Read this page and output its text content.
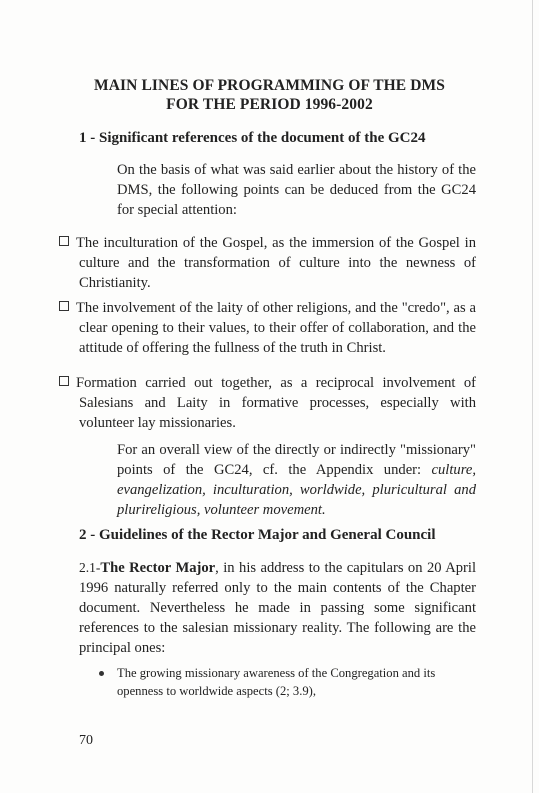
MAIN LINES OF PROGRAMMING OF THE DMS
FOR THE PERIOD 1996-2002
1 - Significant references of the document of the GC24
On the basis of what was said earlier about the history of the DMS, the following points can be deduced from the GC24 for special attention:
The inculturation of the Gospel, as the immersion of the Gospel in culture and the transformation of culture into the newness of Christianity.
The involvement of the laity of other religions, and the "credo", as a clear opening to their values, to their offer of collaboration, and the attitude of offering the fullness of the truth in Christ.
Formation carried out together, as a reciprocal involvement of Salesians and Laity in formative processes, especially with volunteer lay missionaries.
For an overall view of the directly or indirectly "missionary" points of the GC24, cf. the Appendix under: culture, evangelization, inculturation, worldwide, pluricultural and plurireligious, volunteer movement.
2 - Guidelines of the Rector Major and General Council
2.1-The Rector Major, in his address to the capitulars on 20 April 1996 naturally referred only to the main contents of the Chapter document. Nevertheless he made in passing some significant references to the salesian missionary reality. The following are the principal ones:
The growing missionary awareness of the Congregation and its openness to worldwide aspects (2; 3.9),
70
